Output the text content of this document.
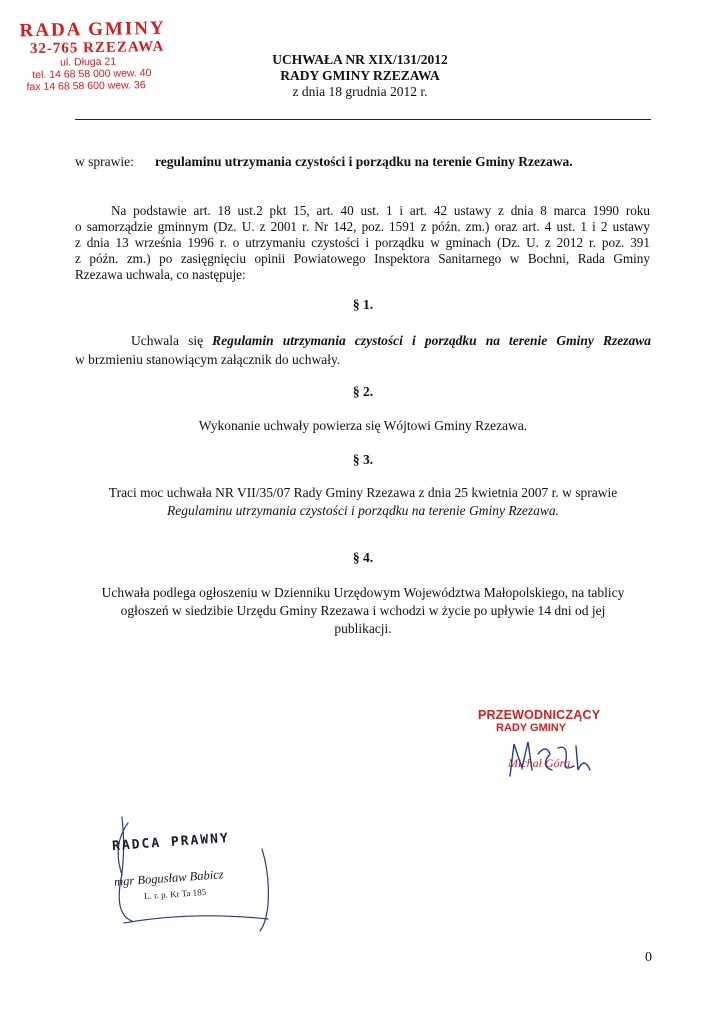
RADA GMINY
32-765 RZEZAWA
ul. Długa 21
tel. 14 68 58 000 wew. 40
fax 14 68 58 600 wew. 36
UCHWAŁA NR XIX/131/2012
RADY GMINY RZEZAWA
z dnia 18 grudnia 2012 r.
w sprawie: regulaminu utrzymania czystości i porządku na terenie Gminy Rzezawa.
Na podstawie art. 18 ust.2 pkt 15, art. 40 ust. 1 i art. 42 ustawy z dnia 8 marca 1990 roku
o samorządzie gminnym (Dz. U. z 2001 r. Nr 142, poz. 1591 z późn. zm.) oraz art. 4 ust. 1 i 2 ustawy
z dnia 13 września 1996 r. o utrzymaniu czystości i porządku w gminach (Dz. U. z 2012 r. poz. 391
z późn. zm.) po zasięgnięciu opinii Powiatowego Inspektora Sanitarnego w Bochni, Rada Gminy
Rzezawa uchwala, co następuje:
§ 1.
Uchwala się Regulamin utrzymania czystości i porządku na terenie Gminy Rzezawa
w brzmieniu stanowiącym załącznik do uchwały.
§ 2.
Wykonanie uchwały powierza się Wójtowi Gminy Rzezawa.
§ 3.
Traci moc uchwała NR VII/35/07 Rady Gminy Rzezawa z dnia 25 kwietnia 2007 r. w sprawie
Regulaminu utrzymania czystości i porządku na terenie Gminy Rzezawa.
§ 4.
Uchwała podlega ogłoszeniu w Dzienniku Urzędowym Województwa Małopolskiego, na tablicy
ogłoszeń w siedzibie Urzędu Gminy Rzezawa i wchodzi w życie po upływie 14 dni od jej
publikacji.
PRZEWODNICZĄCY
RADY GMINY
Michał Góra
RADCA PRAWNY
mgr Bogusław Babicz
L. r. p. Kr Ta 185
0
